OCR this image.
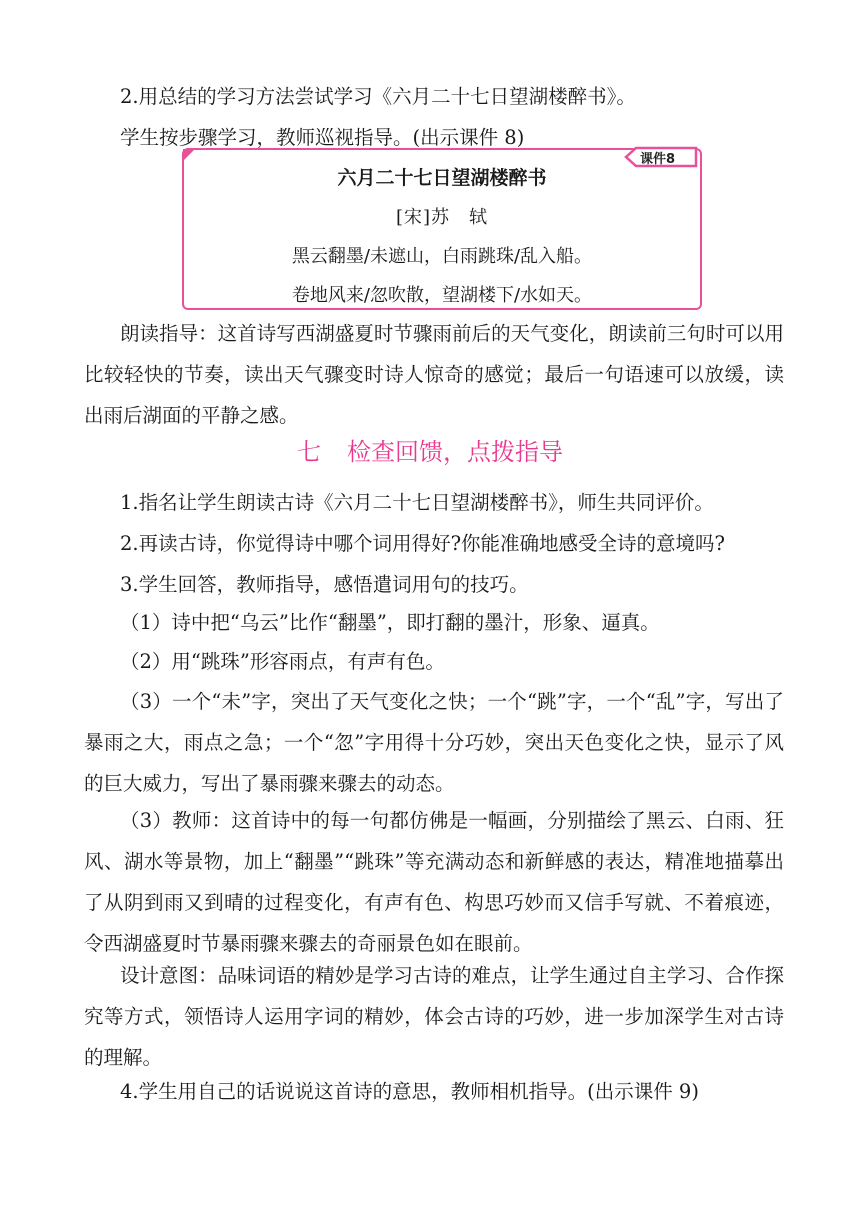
2.用总结的学习方法尝试学习《六月二十七日望湖楼醉书》。
学生按步骤学习，教师巡视指导。(出示课件 8)
课件8
六月二十七日望湖楼醉书
[宋]苏　轼
黑云翻墨/未遮山，白雨跳珠/乱入船。
卷地风来/忽吹散，望湖楼下/水如天。
朗读指导：这首诗写西湖盛夏时节骤雨前后的天气变化，朗读前三句时可以用比较轻快的节奏，读出天气骤变时诗人惊奇的感觉；最后一句语速可以放缓，读出雨后湖面的平静之感。
七 检查回馈，点拨指导
1.指名让学生朗读古诗《六月二十七日望湖楼醉书》，师生共同评价。
2.再读古诗，你觉得诗中哪个词用得好?你能准确地感受全诗的意境吗?
3.学生回答，教师指导，感悟遣词用句的技巧。
（1）诗中把“乌云”比作“翻墨”，即打翻的墨汁，形象、逼真。
（2）用“跳珠”形容雨点，有声有色。
（3）一个“未”字，突出了天气变化之快；一个“跳”字，一个“乱”字，写出了暴雨之大，雨点之急；一个“忽”字用得十分巧妙，突出天色变化之快，显示了风的巨大威力，写出了暴雨骤来骤去的动态。
（3）教师：这首诗中的每一句都仿佛是一幅画，分别描绘了黑云、白雨、狂风、湖水等景物，加上“翻墨”“跳珠”等充满动态和新鲜感的表达，精准地描摹出了从阴到雨又到晴的过程变化，有声有色、构思巧妙而又信手写就、不着痕迹，令西湖盛夏时节暴雨骤来骤去的奇丽景色如在眼前。
设计意图：品味词语的精妙是学习古诗的难点，让学生通过自主学习、合作探究等方式，领悟诗人运用字词的精妙，体会古诗的巧妙，进一步加深学生对古诗的理解。
4.学生用自己的话说说这首诗的意思，教师相机指导。(出示课件 9)
